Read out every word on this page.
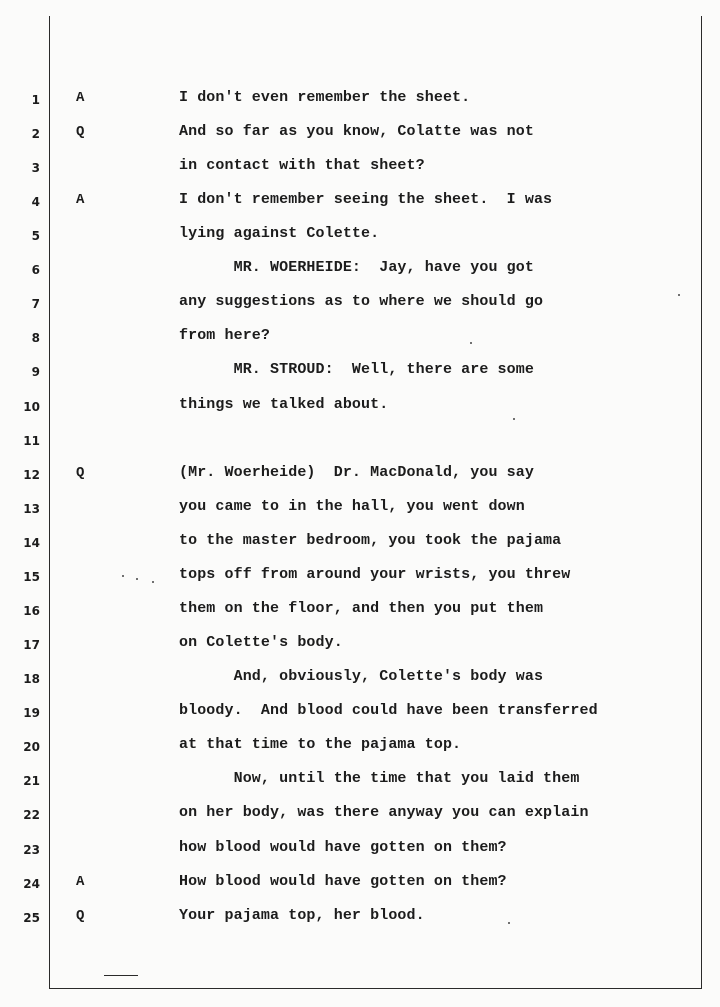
1	A	I don't even remember the sheet.
2	Q	And so far as you know, Colatte was not
3	in contact with that sheet?
4	A	I don't remember seeing the sheet.  I was
5	lying against Colette.
6	MR. WOERHEIDE:  Jay, have you got
7	any suggestions as to where we should go
8	from here?
9	MR. STROUD:  Well, there are some
10	things we talked about.
11
12	Q	(Mr. Woerheide)  Dr. MacDonald, you say
13	you came to in the hall, you went down
14	to the master bedroom, you took the pajama
15	tops off from around your wrists, you threw
16	them on the floor, and then you put them
17	on Colette's body.
18	And, obviously, Colette's body was
19	bloody.  And blood could have been transferred
20	at that time to the pajama top.
21	Now, until the time that you laid them
22	on her body, was there anyway you can explain
23	how blood would have gotten on them?
24	A	How blood would have gotten on them?
25	Q	Your pajama top, her blood.
